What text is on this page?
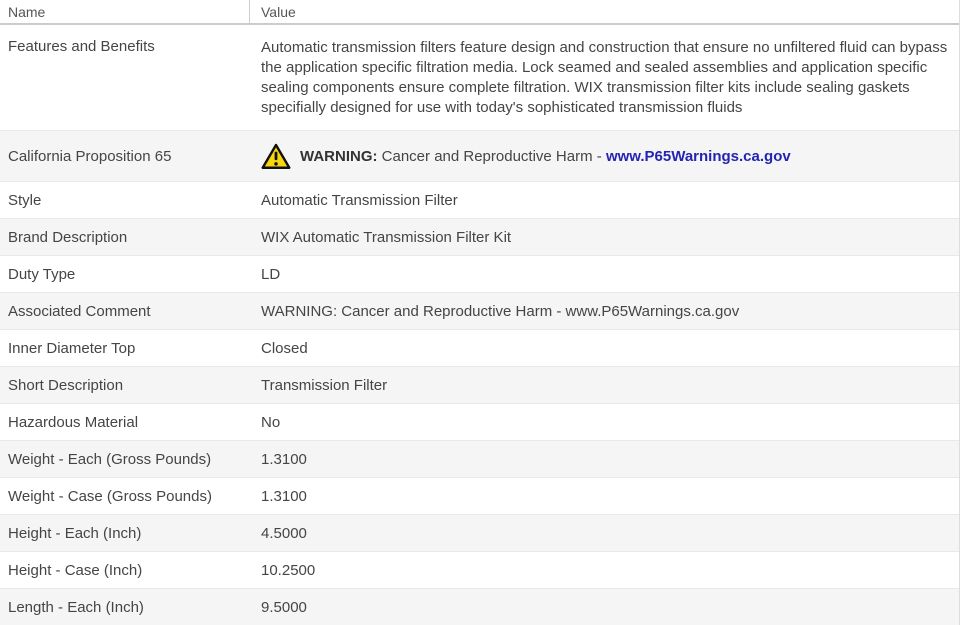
Name	Value
Features and Benefits	Automatic transmission filters feature design and construction that ensure no unfiltered fluid can bypass the application specific filtration media. Lock seamed and sealed assemblies and application specific sealing components ensure complete filtration. WIX transmission filter kits include sealing gaskets specifially designed for use with today's sophisticated transmission fluids
California Proposition 65	WARNING: Cancer and Reproductive Harm - www.P65Warnings.ca.gov
Style	Automatic Transmission Filter
Brand Description	WIX Automatic Transmission Filter Kit
Duty Type	LD
Associated Comment	WARNING: Cancer and Reproductive Harm - www.P65Warnings.ca.gov
Inner Diameter Top	Closed
Short Description	Transmission Filter
Hazardous Material	No
Weight - Each (Gross Pounds)	1.3100
Weight - Case (Gross Pounds)	1.3100
Height - Each (Inch)	4.5000
Height - Case (Inch)	10.2500
Length - Each (Inch)	9.5000
